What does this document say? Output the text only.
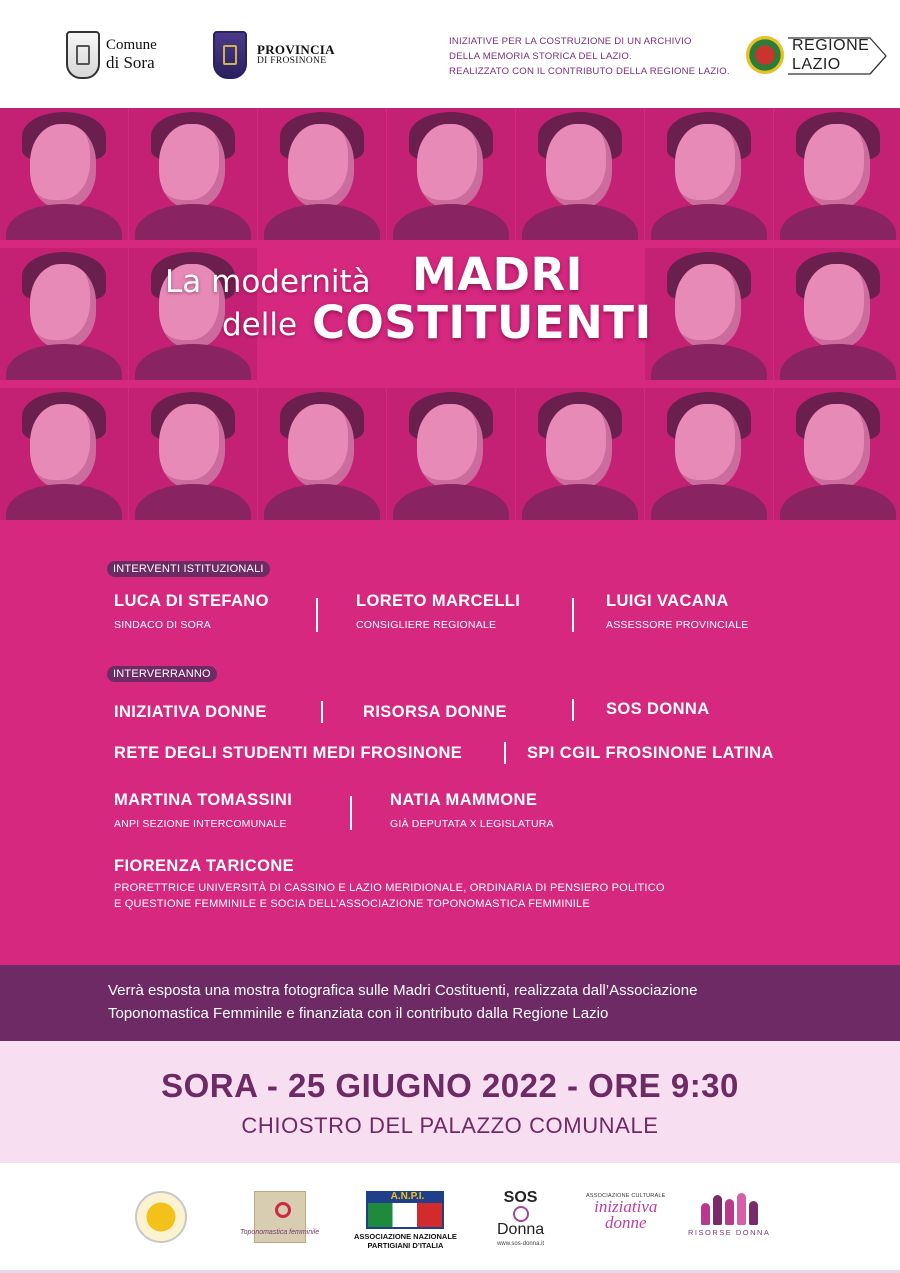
Comune
di Sora
PROVINCIA
DI FROSINONE
INIZIATIVE PER LA COSTRUZIONE DI UN ARCHIVIO
DELLA MEMORIA STORICA DEL LAZIO.
REALIZZATO CON IL CONTRIBUTO DELLA REGIONE LAZIO.
REGIONE
LAZIO
La modernità MADRI
delle COSTITUENTI
INTERVENTI ISTITUZIONALI
LUCA DI STEFANO
SINDACO DI SORA
LORETO MARCELLI
CONSIGLIERE REGIONALE
LUIGI VACANA
ASSESSORE PROVINCIALE
INTERVERRANNO
INIZIATIVA DONNE	RISORSA DONNE	SOS DONNA
RETE DEGLI STUDENTI MEDI FROSINONE	SPI CGIL FROSINONE LATINA
MARTINA TOMASSINI
ANPI SEZIONE INTERCOMUNALE
NATIA MAMMONE
GIÀ DEPUTATA X LEGISLATURA
FIORENZA TARICONE
PRORETTRICE UNIVERSITÀ DI CASSINO E LAZIO MERIDIONALE, ORDINARIA DI PENSIERO POLITICO
E QUESTIONE FEMMINILE E SOCIA DELL’ASSOCIAZIONE TOPONOMASTICA FEMMINILE
Verrà esposta una mostra fotografica sulle Madri Costituenti, realizzata dall’Associazione
Toponomastica Femminile e finanziata con il contributo dalla Regione Lazio
SORA - 25 GIUGNO 2022 - ORE 9:30
CHIOSTRO DEL PALAZZO COMUNALE
Toponomastica femminile
A.N.P.I.
ASSOCIAZIONE NAZIONALE
PARTIGIANI D’ITALIA
SOS
Donna
www.sos-donna.it
ASSOCIAZIONE CULTURALE
iniziativa
donne
RISORSE DONNA
